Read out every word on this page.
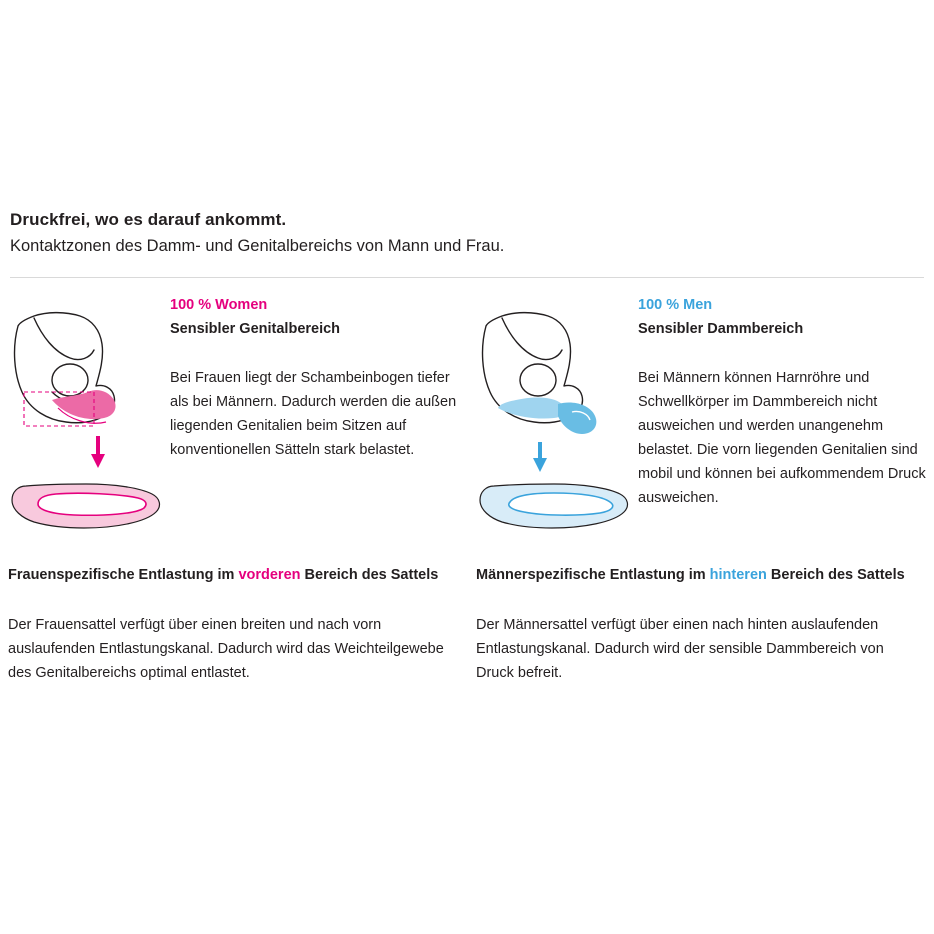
Druckfrei, wo es darauf ankommt.
Kontaktzonen des Damm- und Genitalbereichs von Mann und Frau.
100 % Women
Sensibler Genitalbereich
Bei Frauen liegt der Schambeinbogen tiefer als bei Männern. Dadurch werden die außen liegenden Genitalien beim Sitzen auf konventionellen Sätteln stark belastet.
100 % Men
Sensibler Dammbereich
Bei Männern können Harnröhre und Schwellkörper im Dammbereich nicht ausweichen und werden unangenehm belastet. Die vorn liegenden Genitalien sind mobil und können bei aufkommendem Druck ausweichen.
Frauenspezifische Entlastung im vorderen Bereich des Sattels
Der Frauensattel verfügt über einen breiten und nach vorn auslaufenden Entlastungskanal. Dadurch wird das Weichteilgewebe des Genitalbereichs optimal entlastet.
Männerspezifische Entlastung im hinteren Bereich des Sattels
Der Männersattel verfügt über einen nach hinten auslaufenden Entlastungskanal. Dadurch wird der sensible Dammbereich von Druck befreit.
